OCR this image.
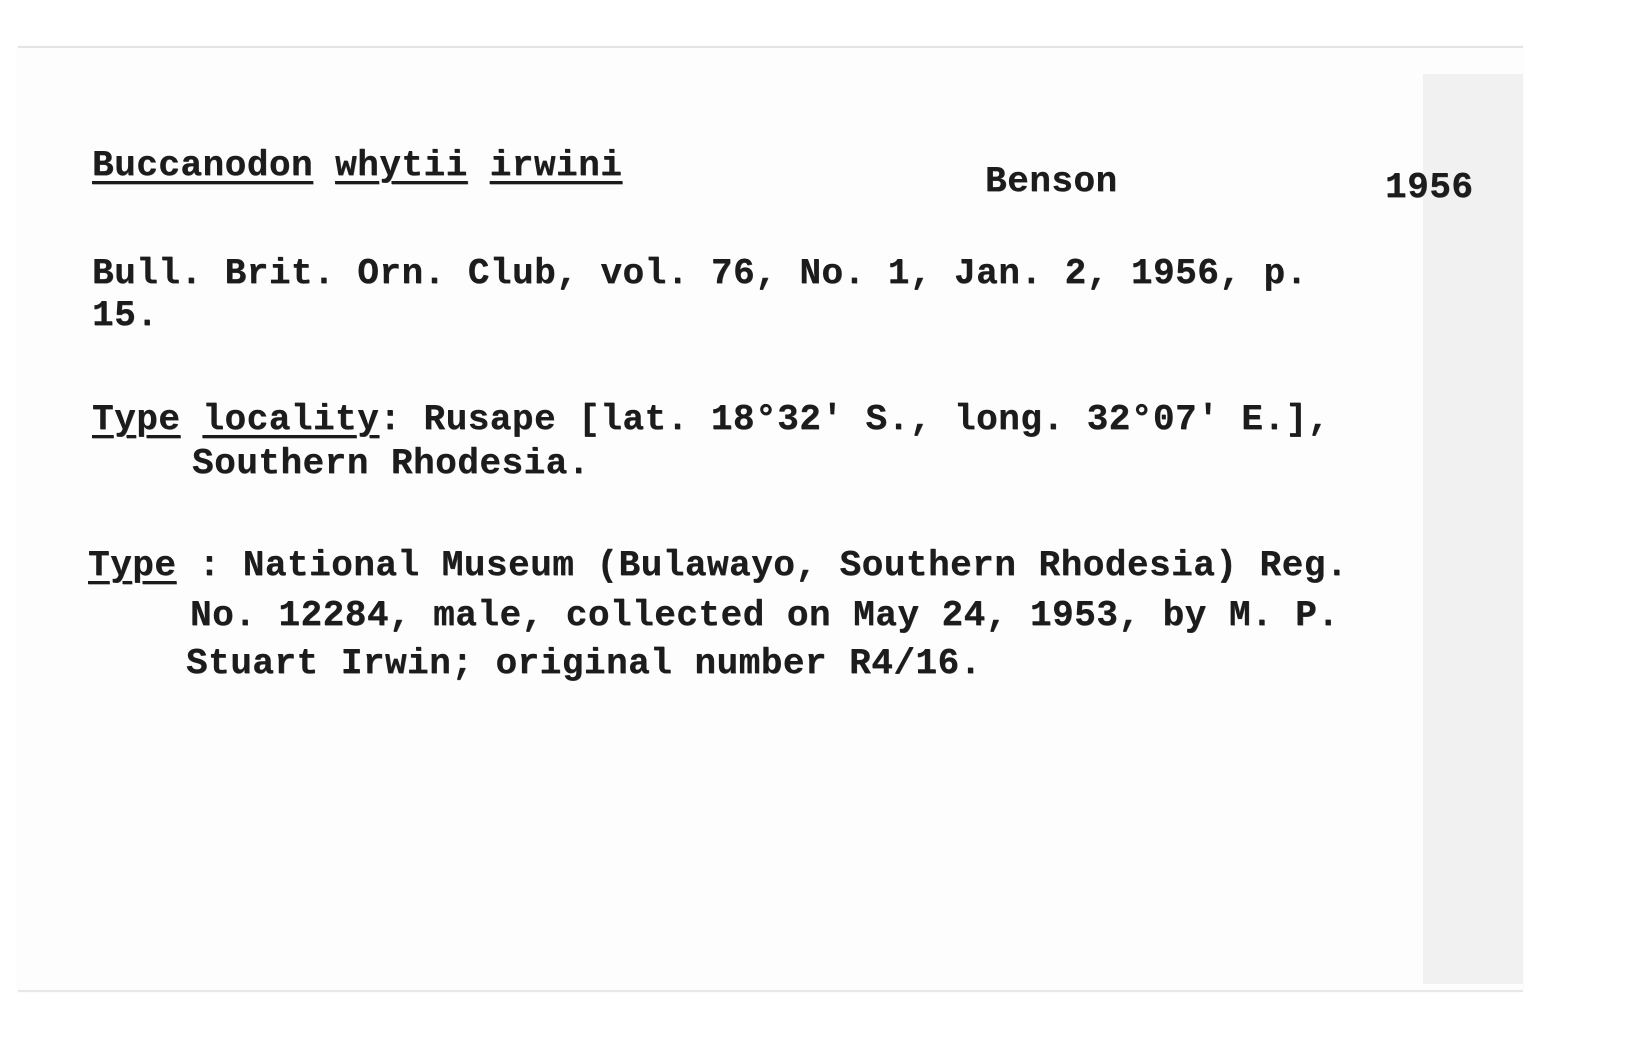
Buccanodon whytii irwini	Benson	1956
Bull. Brit. Orn. Club, vol. 76, No. 1, Jan. 2, 1956, p.
15.
Type locality: Rusape [lat. 18°32' S., long. 32°07' E.],
Southern Rhodesia.
Type : National Museum (Bulawayo, Southern Rhodesia) Reg.
No. 12284, male, collected on May 24, 1953, by M. P.
Stuart Irwin; original number R4/16.
